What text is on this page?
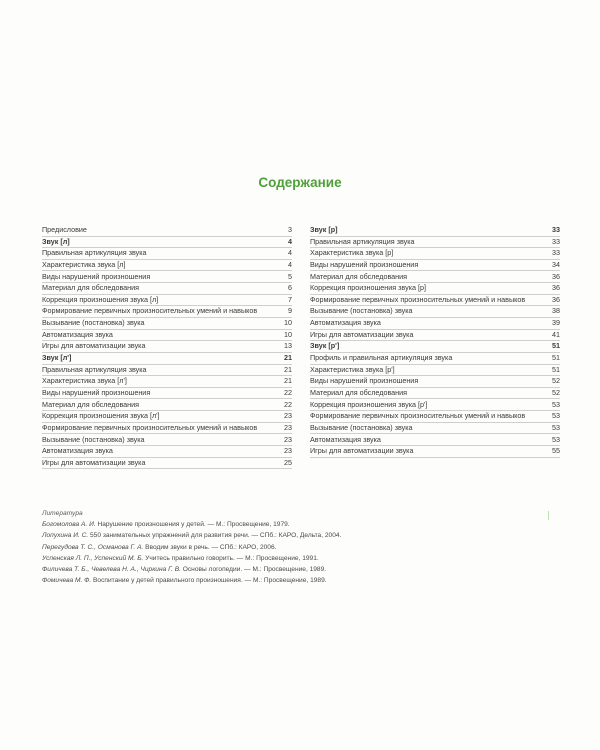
Содержание
Предисловие	3
Звук [л]	4
Правильная артикуляция звука	4
Характеристика звука [л]	4
Виды нарушений произношения	5
Материал для обследования	6
Коррекция произношения звука [л]	7
Формирование первичных произносительных умений и навыков	9
Вызывание (постановка) звука	10
Автоматизация звука	10
Игры для автоматизации звука	13
Звук [л']	21
Правильная артикуляция звука	21
Характеристика звука [л']	21
Виды нарушений произношения	22
Материал для обследования	22
Коррекция произношения звука [л']	23
Формирование первичных произносительных умений и навыков	23
Вызывание (постановка) звука	23
Автоматизация звука	23
Игры для автоматизации звука	25
Звук [р]	33
Правильная артикуляция звука	33
Характеристика звука [р]	33
Виды нарушений произношения	34
Материал для обследования	36
Коррекция произношения звука [р]	36
Формирование первичных произносительных умений и навыков	36
Вызывание (постановка) звука	38
Автоматизация звука	39
Игры для автоматизации звука	41
Звук [р']	51
Профиль и правильная артикуляция звука	51
Характеристика звука [р']	51
Виды нарушений произношения	52
Материал для обследования	52
Коррекция произношения звука [р']	53
Формирование первичных произносительных умений и навыков	53
Вызывание (постановка) звука	53
Автоматизация звука	53
Игры для автоматизации звука	55
Литература
Богомолова А. И. Нарушение произношения у детей. — М.: Просвещение, 1979.
Лопухина И. С. 550 занимательных упражнений для развития речи. — СПб.: КАРО, Дельта, 2004.
Перегудова Т. С., Османова Г. А. Вводим звуки в речь. — СПб.: КАРО, 2006.
Успенская Л. П., Успенский М. Б. Учитесь правильно говорить. — М.: Просвещение, 1991.
Филичева Т. Б., Чевелева Н. А., Чиркина Г. В. Основы логопедии. — М.: Просвещение, 1989.
Фомичева М. Ф. Воспитание у детей правильного произношения. — М.: Просвещение, 1989.
